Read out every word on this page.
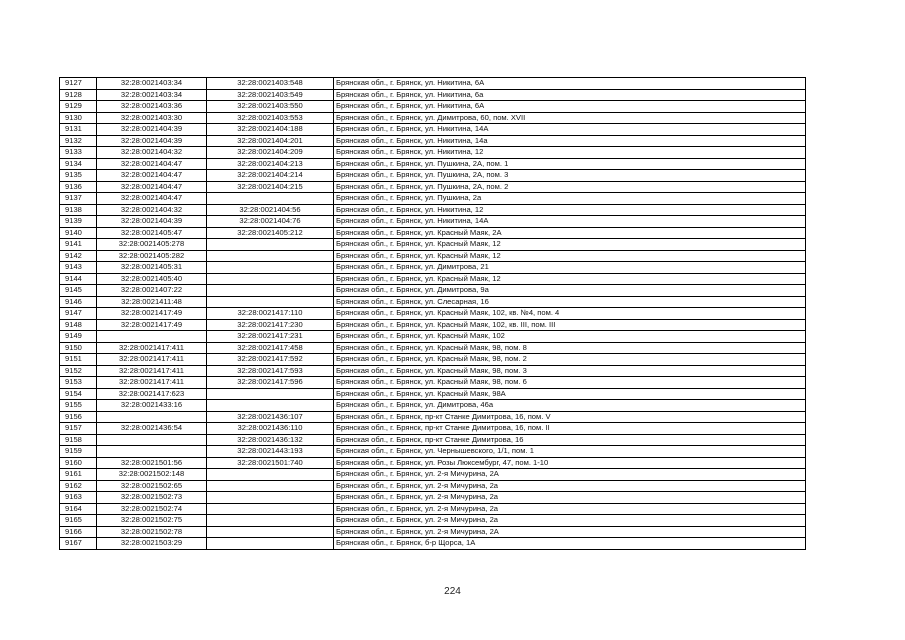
9127	32:28:0021403:34	32:28:0021403:548	Брянская обл., г. Брянск, ул. Никитина, 6А
9128	32:28:0021403:34	32:28:0021403:549	Брянская обл., г. Брянск, ул. Никитина, 6а
9129	32:28:0021403:36	32:28:0021403:550	Брянская обл., г. Брянск, ул. Никитина, 6А
9130	32:28:0021403:30	32:28:0021403:553	Брянская обл., г. Брянск, ул. Димитрова, 60, пом. XVII
9131	32:28:0021404:39	32:28:0021404:188	Брянская обл., г. Брянск, ул. Никитина, 14А
9132	32:28:0021404:39	32:28:0021404:201	Брянская обл., г. Брянск, ул. Никитина, 14а
9133	32:28:0021404:32	32:28:0021404:209	Брянская обл., г. Брянск, ул. Никитина, 12
9134	32:28:0021404:47	32:28:0021404:213	Брянская обл., г. Брянск, ул. Пушкина, 2А, пом. 1
9135	32:28:0021404:47	32:28:0021404:214	Брянская обл., г. Брянск, ул. Пушкина, 2А, пом. 3
9136	32:28:0021404:47	32:28:0021404:215	Брянская обл., г. Брянск, ул. Пушкина, 2А, пом. 2
9137	32:28:0021404:47		Брянская обл., г. Брянск, ул. Пушкина, 2а
9138	32:28:0021404:32	32:28:0021404:56	Брянская обл., г. Брянск, ул. Никитина, 12
9139	32:28:0021404:39	32:28:0021404:76	Брянская обл., г. Брянск, ул. Никитина, 14А
9140	32:28:0021405:47	32:28:0021405:212	Брянская обл., г. Брянск, ул. Красный Маяк, 2А
9141	32:28:0021405:278		Брянская обл., г. Брянск, ул. Красный Маяк, 12
9142	32:28:0021405:282		Брянская обл., г. Брянск, ул. Красный Маяк, 12
9143	32:28:0021405:31		Брянская обл., г. Брянск, ул. Димитрова, 21
9144	32:28:0021405:40		Брянская обл., г. Брянск, ул. Красный Маяк, 12
9145	32:28:0021407:22		Брянская обл., г. Брянск, ул. Димитрова, 9а
9146	32:28:0021411:48		Брянская обл., г. Брянск, ул. Слесарная, 16
9147	32:28:0021417:49	32:28:0021417:110	Брянская обл., г. Брянск, ул. Красный Маяк, 102, кв. №4, пом. 4
9148	32:28:0021417:49	32:28:0021417:230	Брянская обл., г. Брянск, ул. Красный Маяк, 102, кв. III, пом. III
9149		32:28:0021417:231	Брянская обл., г. Брянск, ул. Красный Маяк, 102
9150	32:28:0021417:411	32:28:0021417:458	Брянская обл., г. Брянск, ул. Красный Маяк, 98, пом. 8
9151	32:28:0021417:411	32:28:0021417:592	Брянская обл., г. Брянск, ул. Красный Маяк, 98, пом. 2
9152	32:28:0021417:411	32:28:0021417:593	Брянская обл., г. Брянск, ул. Красный Маяк, 98, пом. 3
9153	32:28:0021417:411	32:28:0021417:596	Брянская обл., г. Брянск, ул. Красный Маяк, 98, пом. 6
9154	32:28:0021417:623		Брянская обл., г. Брянск, ул. Красный Маяк, 98А
9155	32:28:0021433:16		Брянская обл., г. Брянск, ул. Димитрова, 46а
9156		32:28:0021436:107	Брянская обл., г. Брянск, пр-кт Станке Димитрова, 16, пом. V
9157	32:28:0021436:54	32:28:0021436:110	Брянская обл., г. Брянск, пр-кт Станке Димитрова, 16, пом. II
9158		32:28:0021436:132	Брянская обл., г. Брянск, пр-кт Станке Димитрова, 16
9159		32:28:0021443:193	Брянская обл., г. Брянск, ул. Чернышевского, 1/1, пом. 1
9160	32:28:0021501:56	32:28:0021501:740	Брянская обл., г. Брянск, ул. Розы Люксембург, 47, пом. 1-10
9161	32:28:0021502:148		Брянская обл., г. Брянск, ул. 2-я Мичурина, 2А
9162	32:28:0021502:65		Брянская обл., г. Брянск, ул. 2-я Мичурина, 2а
9163	32:28:0021502:73		Брянская обл., г. Брянск, ул. 2-я Мичурина, 2а
9164	32:28:0021502:74		Брянская обл., г. Брянск, ул. 2-я Мичурина, 2а
9165	32:28:0021502:75		Брянская обл., г. Брянск, ул. 2-я Мичурина, 2а
9166	32:28:0021502:78		Брянская обл., г. Брянск, ул. 2-я Мичурина, 2А
9167	32:28:0021503:29		Брянская обл., г. Брянск, б-р Щорса, 1А
224
